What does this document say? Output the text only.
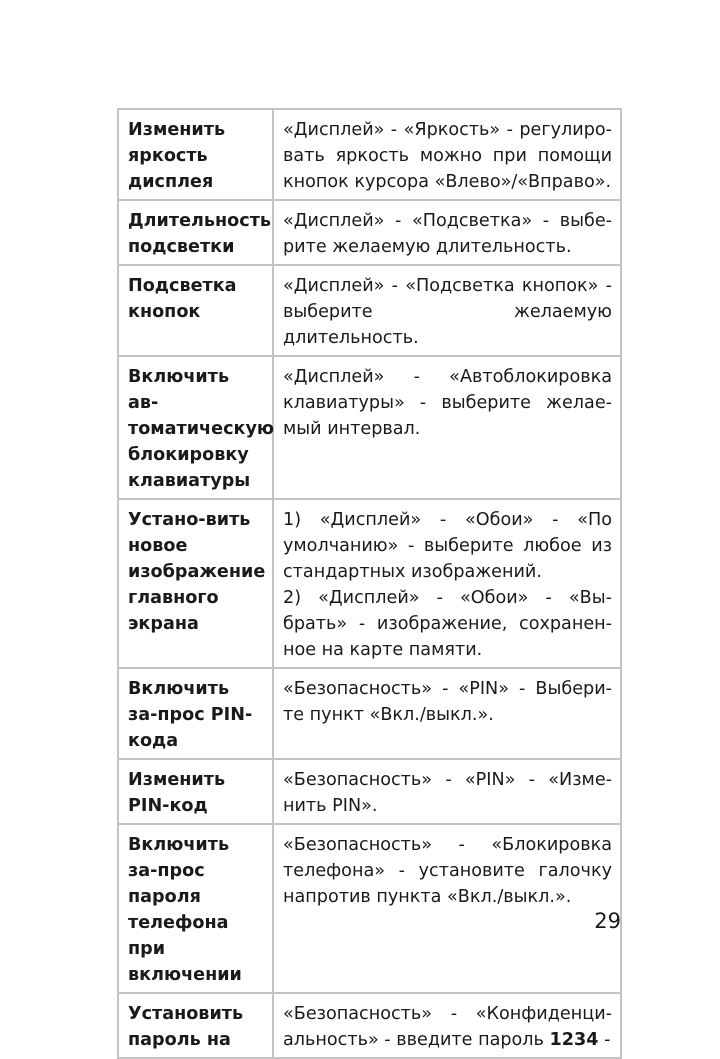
Изменить яркость дисплея	«Дисплей» - «Яркость» - регулиро-вать яркость можно при помощи кнопок курсора «Влево»/«Вправо».
Длительность подсветки	«Дисплей» - «Подсветка» - выбе-рите желаемую длительность.
Подсветка кнопок	«Дисплей» - «Подсветка кнопок» - выберите желаемую длительность.
Включить ав-томатическую блокировку клавиатуры	«Дисплей» - «Автоблокировка клавиатуры» - выберите желае-мый интервал.
Устано-вить новое изображение главного экрана	1) «Дисплей» - «Обои» - «По умолчанию» - выберите любое из стандартных изображений.
2) «Дисплей» - «Обои» - «Вы-брать» - изображение, сохранен-ное на карте памяти.

Включить за-прос PIN-кода	«Безопасность» - «PIN» - Выбери-те пункт «Вкл./выкл.».
Изменить PIN-код	«Безопасность» - «PIN» - «Изме-нить PIN».
Включить за-прос пароля телефона при включении	«Безопасность» - «Блокировка телефона» - установите галочку напротив пункта «Вкл./выкл.».
Установить пароль на	«Безопасность» - «Конфиденци-альность» - введите пароль 1234 -
29
